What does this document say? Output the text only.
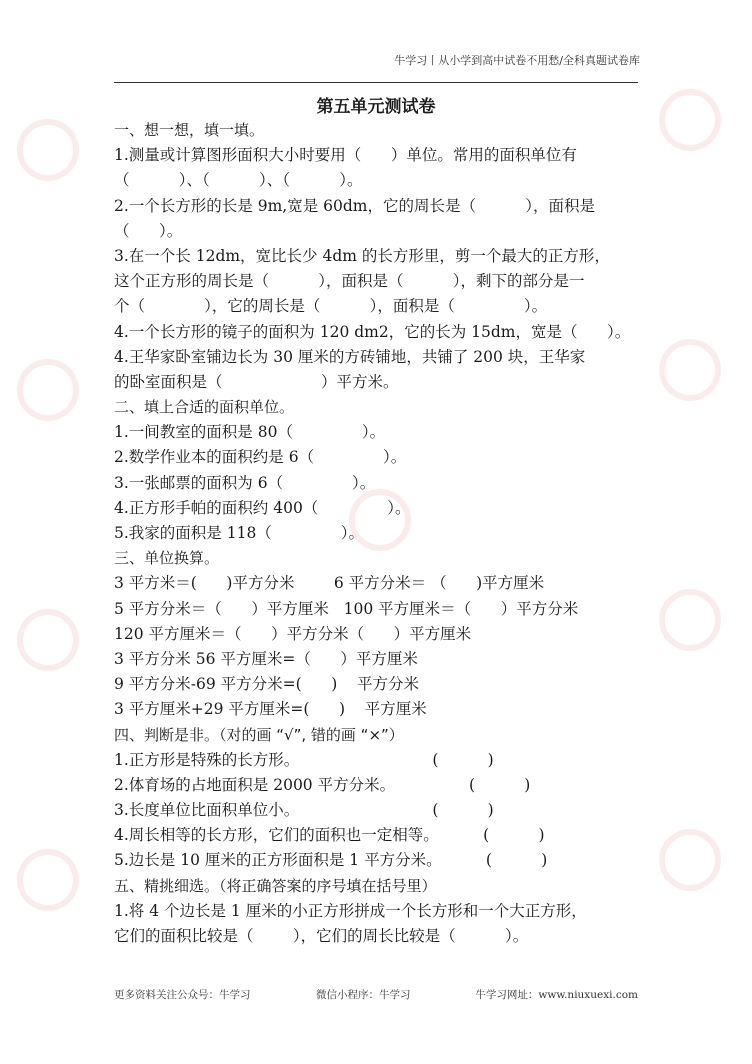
牛学习丨从小学到高中试卷不用愁/全科真题试卷库
第五单元测试卷
一、想一想，填一填。
1.测量或计算图形面积大小时要用（      ）单位。常用的面积单位有
（          ）、（          ）、（          ）。
2.一个长方形的长是 9m,宽是 60dm，它的周长是（          ），面积是
（      ）。
3.在一个长 12dm，宽比长少 4dm 的长方形里，剪一个最大的正方形，
这个正方形的周长是（          ），面积是（          ），剩下的部分是一
个（            ），它的周长是（          ），面积是（              ）。
4.一个长方形的镜子的面积为 120 dm2，它的长为 15dm，宽是（      ）。
4.王华家卧室铺边长为 30 厘米的方砖铺地，共铺了 200 块，王华家
的卧室面积是（                    ）平方米。
二、填上合适的面积单位。
1.一间教室的面积是 80（              ）。
2.数学作业本的面积约是 6（              ）。
3.一张邮票的面积为 6（              ）。
4.正方形手帕的面积约 400（              ）。
5.我家的面积是 118（              ）。
三、单位换算。
3 平方米＝(      )平方分米        6 平方分米＝ （      )平方厘米
5 平方分米＝（      ）平方厘米   100 平方厘米＝（      ）平方分米
120 平方厘米＝（      ）平方分米（      ）平方厘米
3 平方分米 56 平方厘米=（      ）平方厘米
9 平方分米-69 平方分米=(      )    平方分米
3 平方厘米+29 平方厘米=(      )    平方厘米
四、判断是非。（对的画 “√”, 错的画 “×”）
1.正方形是特殊的长方形。                           (          )
2.体育场的占地面积是 2000 平方分米。               (          )
3.长度单位比面积单位小。                           (          )
4.周长相等的长方形，它们的面积也一定相等。         (          )
5.边长是 10 厘米的正方形面积是 1 平方分米。         (          )
五、精挑细选。（将正确答案的序号填在括号里）
1.将 4 个边长是 1 厘米的小正方形拼成一个长方形和一个大正方形，
它们的面积比较是（        ），它们的周长比较是（          ）。
更多资料关注公众号：牛学习	微信小程序：牛学习	牛学习网址：www.niuxuexi.com
